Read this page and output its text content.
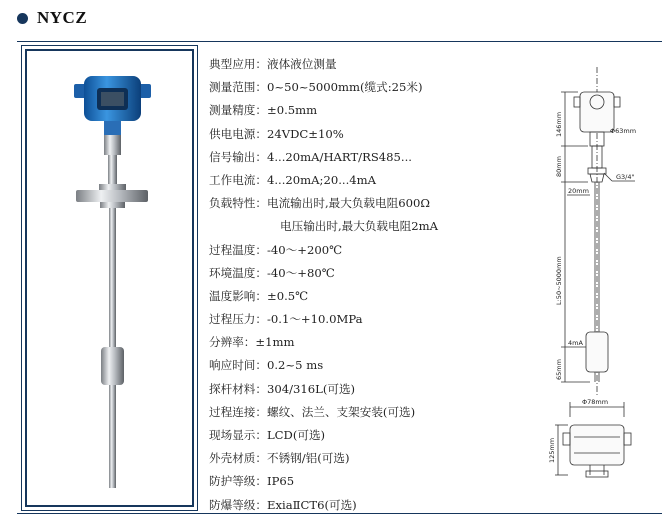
NYCZ
典型应用： 液体液位测量
测量范围： 0~50~5000mm(缆式:25米)
测量精度： ±0.5mm
供电电源： 24VDC±10%
信号输出： 4...20mA/HART/RS485...
工作电流： 4...20mA;20...4mA
负载特性： 电流输出时,最大负载电阻600Ω
电压输出时,最大负载电阻2mA
过程温度： -40～+200℃
环境温度： -40～+80℃
温度影响： ±0.5℃
过程压力： -0.1～+10.0MPa
分辨率： ±1mm
响应时间： 0.2~5 ms
探杆材料： 304/316L(可选)
过程连接： 螺纹、法兰、支架安装(可选)
现场显示： LCD(可选)
外壳材质： 不锈钢/铝(可选)
防护等级： IP65
防爆等级： ExiaⅡCT6(可选)
146mm	Φ63mm
80mm	G3/4"
20mm
L:50~5000mm
4mA
65mm
Φ78mm
125mm
